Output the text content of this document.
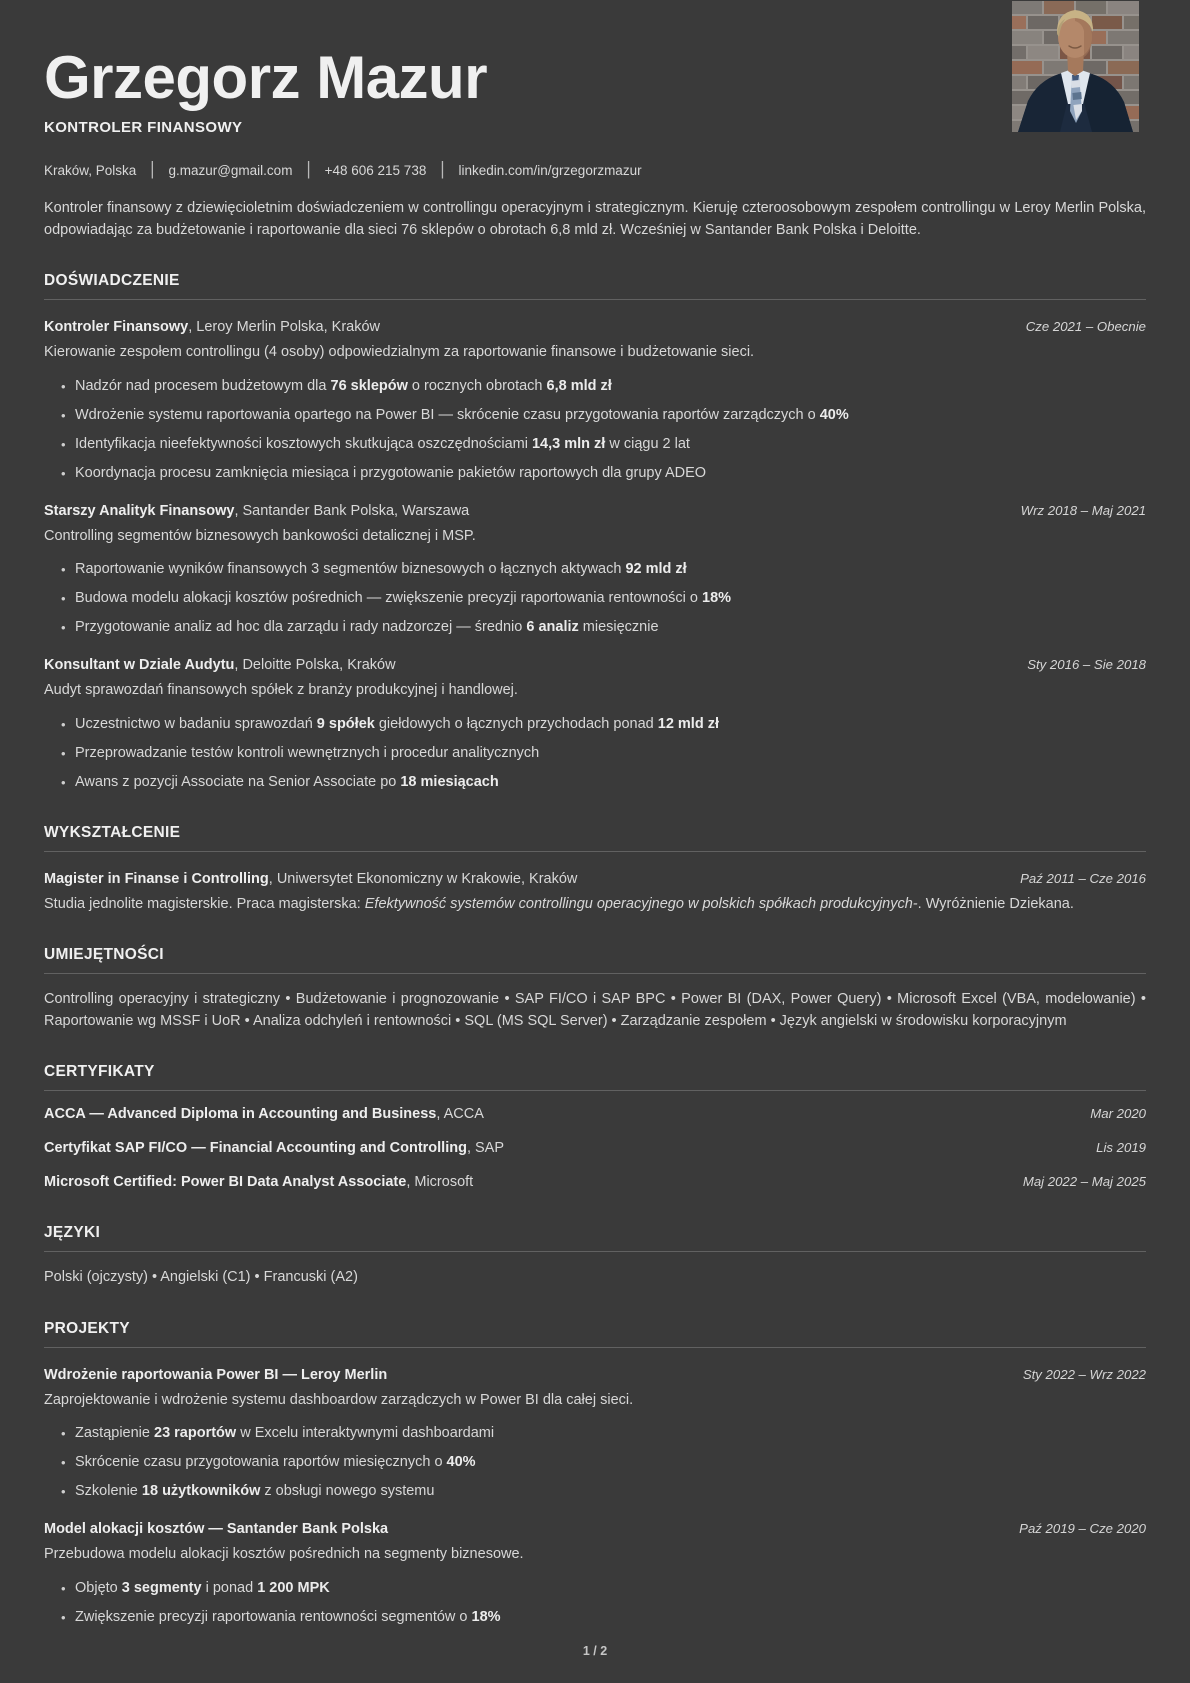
Grzegorz Mazur
KONTROLER FINANSOWY
Kraków, Polska | g.mazur@gmail.com | +48 606 215 738 | linkedin.com/in/grzegorzmazur

Kontroler finansowy z dziewięcioletnim doświadczeniem w controllingu operacyjnym i strategicznym. Kieruję czteroosobowym zespołem controllingu w Leroy Merlin Polska, odpowiadając za budżetowanie i raportowanie dla sieci 76 sklepów o obrotach 6,8 mld zł. Wcześniej w Santander Bank Polska i Deloitte.

DOŚWIADCZENIE
Kontroler Finansowy, Leroy Merlin Polska, Kraków	Cze 2021 – Obecnie

Kierowanie zespołem controllingu (4 osoby) odpowiedzialnym za raportowanie finansowe i budżetowanie sieci.

• Nadzór nad procesem budżetowym dla 76 sklepów o rocznych obrotach 6,8 mld zł
• Wdrożenie systemu raportowania opartego na Power BI — skrócenie czasu przygotowania raportów zarządczych o 40%
• Identyfikacja nieefektywności kosztowych skutkująca oszczędnościami 14,3 mln zł w ciągu 2 lat
• Koordynacja procesu zamknięcia miesiąca i przygotowanie pakietów raportowych dla grupy ADEO
Starszy Analityk Finansowy, Santander Bank Polska, Warszawa	Wrz 2018 – Maj 2021

Controlling segmentów biznesowych bankowości detalicznej i MSP.

• Raportowanie wyników finansowych 3 segmentów biznesowych o łącznych aktywach 92 mld zł
• Budowa modelu alokacji kosztów pośrednich — zwiększenie precyzji raportowania rentowności o 18%
• Przygotowanie analiz ad hoc dla zarządu i rady nadzorczej — średnio 6 analiz miesięcznie
Konsultant w Dziale Audytu, Deloitte Polska, Kraków	Sty 2016 – Sie 2018

Audyt sprawozdań finansowych spółek z branży produkcyjnej i handlowej.

• Uczestnictwo w badaniu sprawozdań 9 spółek giełdowych o łącznych przychodach ponad 12 mld zł
• Przeprowadzanie testów kontroli wewnętrznych i procedur analitycznych
• Awans z pozycji Associate na Senior Associate po 18 miesiącach
WYKSZTAŁCENIE
Magister in Finanse i Controlling, Uniwersytet Ekonomiczny w Krakowie, Kraków	Paź 2011 – Cze 2016

Studia jednolite magisterskie. Praca magisterska: Efektywność systemów controllingu operacyjnego w polskich spółkach produkcyjnych-. Wyróżnienie Dziekana.

UMIEJĘTNOŚCI

Controlling operacyjny i strategiczny • Budżetowanie i prognozowanie • SAP FI/CO i SAP BPC • Power BI (DAX, Power Query) • Microsoft Excel (VBA, modelowanie) • Raportowanie wg MSSF i UoR • Analiza odchyleń i rentowności • SQL (MS SQL Server) • Zarządzanie zespołem • Język angielski w środowisku korporacyjnym

CERTYFIKATY
ACCA — Advanced Diploma in Accounting and Business, ACCA	Mar 2020
Certyfikat SAP FI/CO — Financial Accounting and Controlling, SAP	Lis 2019
Microsoft Certified: Power BI Data Analyst Associate, Microsoft	Maj 2022 – Maj 2025
JĘZYKI

Polski (ojczysty) • Angielski (C1) • Francuski (A2)

PROJEKTY
Wdrożenie raportowania Power BI — Leroy Merlin	Sty 2022 – Wrz 2022

Zaprojektowanie i wdrożenie systemu dashboardow zarządczych w Power BI dla całej sieci.

• Zastąpienie 23 raportów w Excelu interaktywnymi dashboardami
• Skrócenie czasu przygotowania raportów miesięcznych o 40%
• Szkolenie 18 użytkowników z obsługi nowego systemu
Model alokacji kosztów — Santander Bank Polska	Paź 2019 – Cze 2020

Przebudowa modelu alokacji kosztów pośrednich na segmenty biznesowe.

• Objęto 3 segmenty i ponad 1 200 MPK
• Zwiększenie precyzji raportowania rentowności segmentów o 18%
1 / 2
